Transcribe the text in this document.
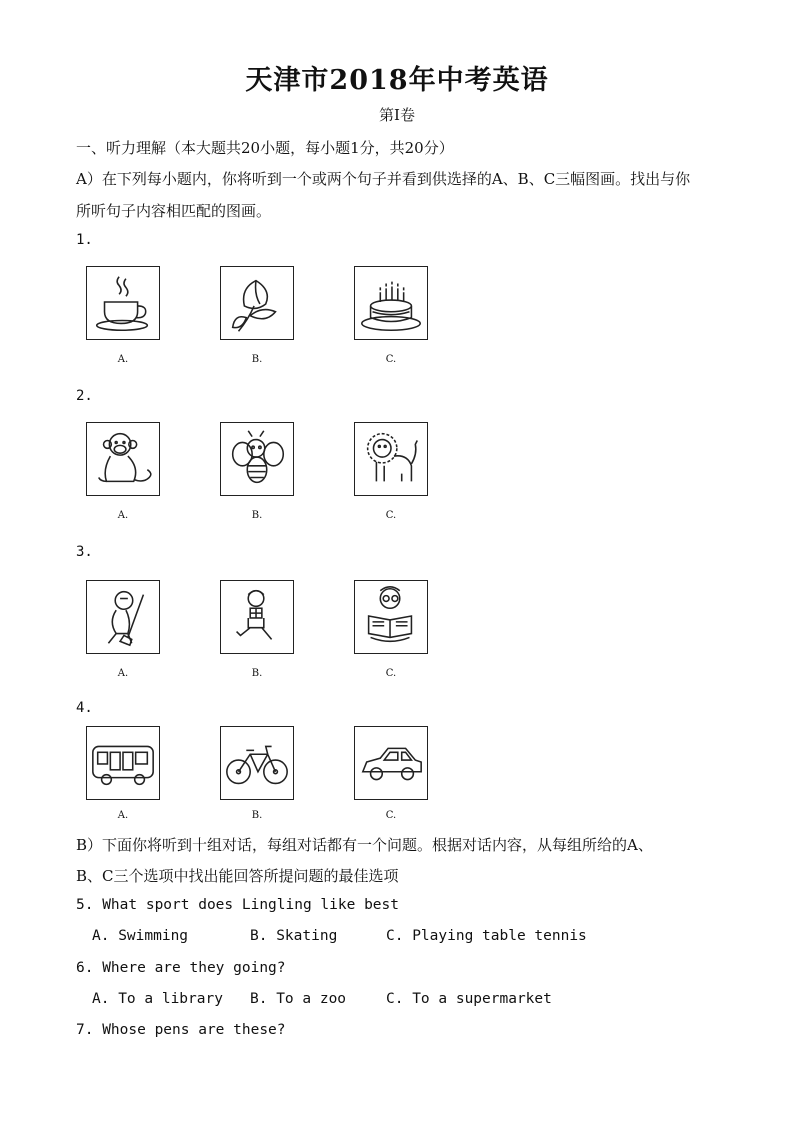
天津市2018年中考英语
第Ⅰ卷
一、听力理解（本大题共20小题，每小题1分，共20分）
A）在下列每小题内，你将听到一个或两个句子并看到供选择的A、B、C三幅图画。找出与你
所听句子内容相匹配的图画。
1.
A.	B.	C.
2.
A.	B.	C.
3.
A.	B.	C.
4.
A.	B.	C.
B）下面你将听到十组对话，每组对话都有一个问题。根据对话内容，从每组所给的A、
B、C三个选项中找出能回答所提问题的最佳选项
5. What sport does Lingling like best
A. Swimming	B. Skating	C. Playing table tennis
6. Where are they going?
A. To a library B. To a zoo	C. To a supermarket
7. Whose pens are these?
